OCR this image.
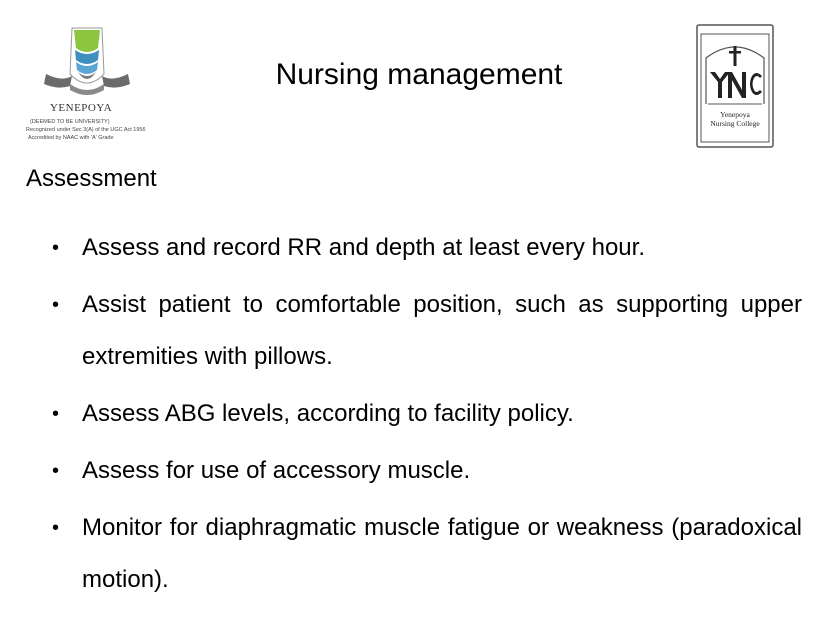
YENEPOYA
(DEEMED TO BE UNIVERSITY)
Recognized under Sec 3(A) of the UGC Act 1956
Accredited by NAAC with 'A' Grade
Nursing management
Yenepoya
Nursing College
Assessment
• Assess and record RR and depth at least every hour.
• Assist patient to comfortable position, such as supporting upper extremities with pillows.
• Assess ABG levels, according to facility policy.
• Assess for use of accessory muscle.
• Monitor for diaphragmatic muscle fatigue or weakness (paradoxical motion).
